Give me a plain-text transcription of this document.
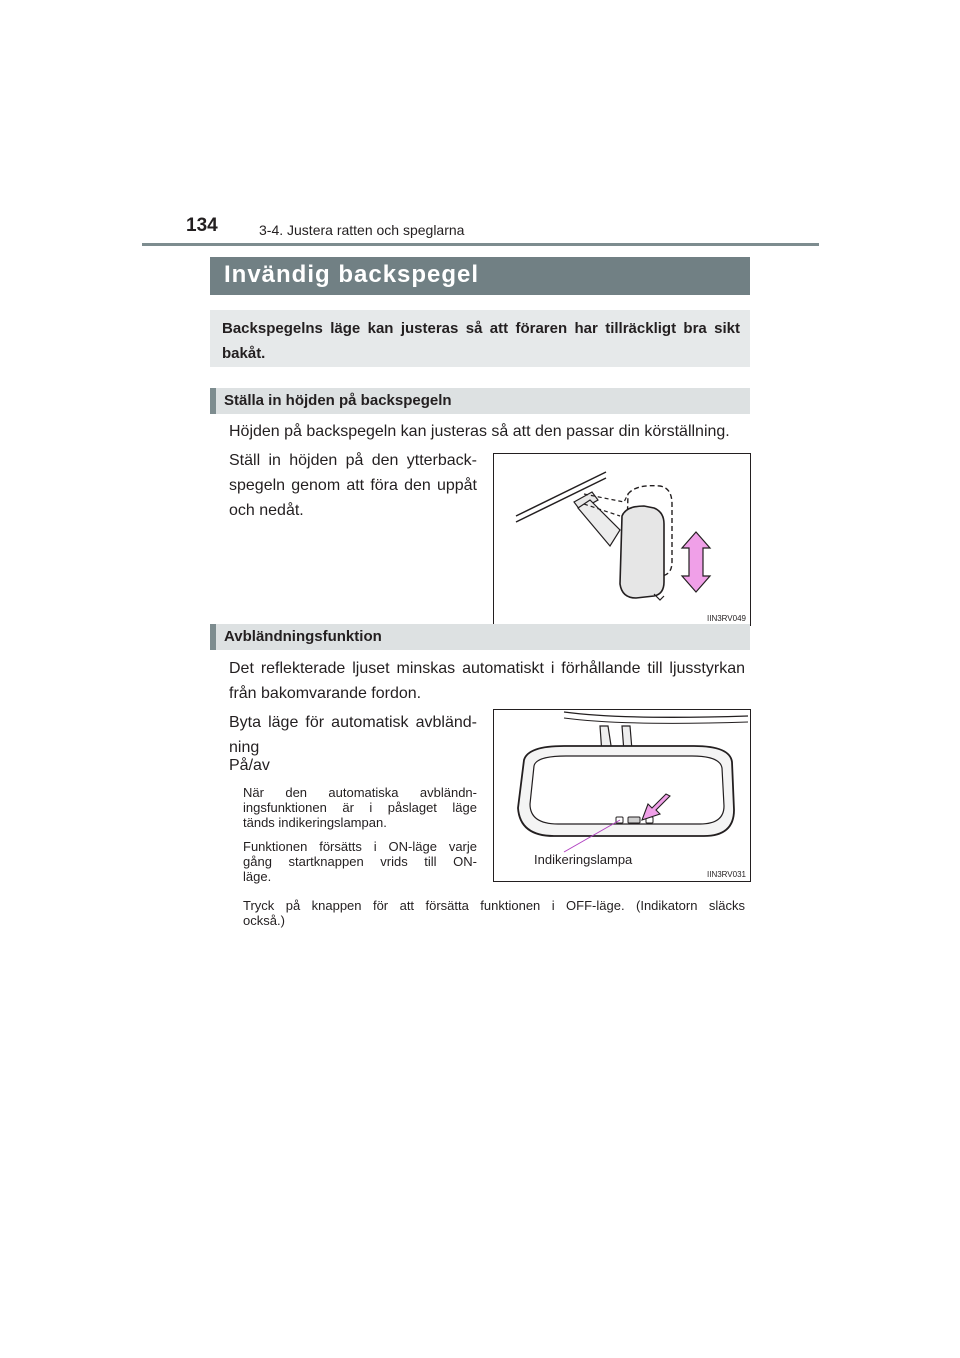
134	3-4. Justera ratten och speglarna
Invändig backspegel
Backspegelns läge kan justeras så att föraren har tillräckligt bra sikt bakåt.
Ställa in höjden på backspegeln
Höjden på backspegeln kan justeras så att den passar din körställning.
Ställ in höjden på den ytterback-
spegeln genom att föra den uppåt
och nedåt.
IIN3RV049
Avbländningsfunktion
Det reflekterade ljuset minskas automatiskt i förhållande till ljusstyrkan
från bakomvarande fordon.
Byta läge för automatisk avbländ-
ning
På/av
När den automatiska avbländn-
ingsfunktionen är i påslaget läge
tänds indikeringslampan.
Funktionen försätts i ON-läge varje
gång startknappen vrids till ON-
läge.
Tryck på knappen för att försätta funktionen i OFF-läge. (Indikatorn släcks
också.)
Indikeringslampa
IIN3RV031
